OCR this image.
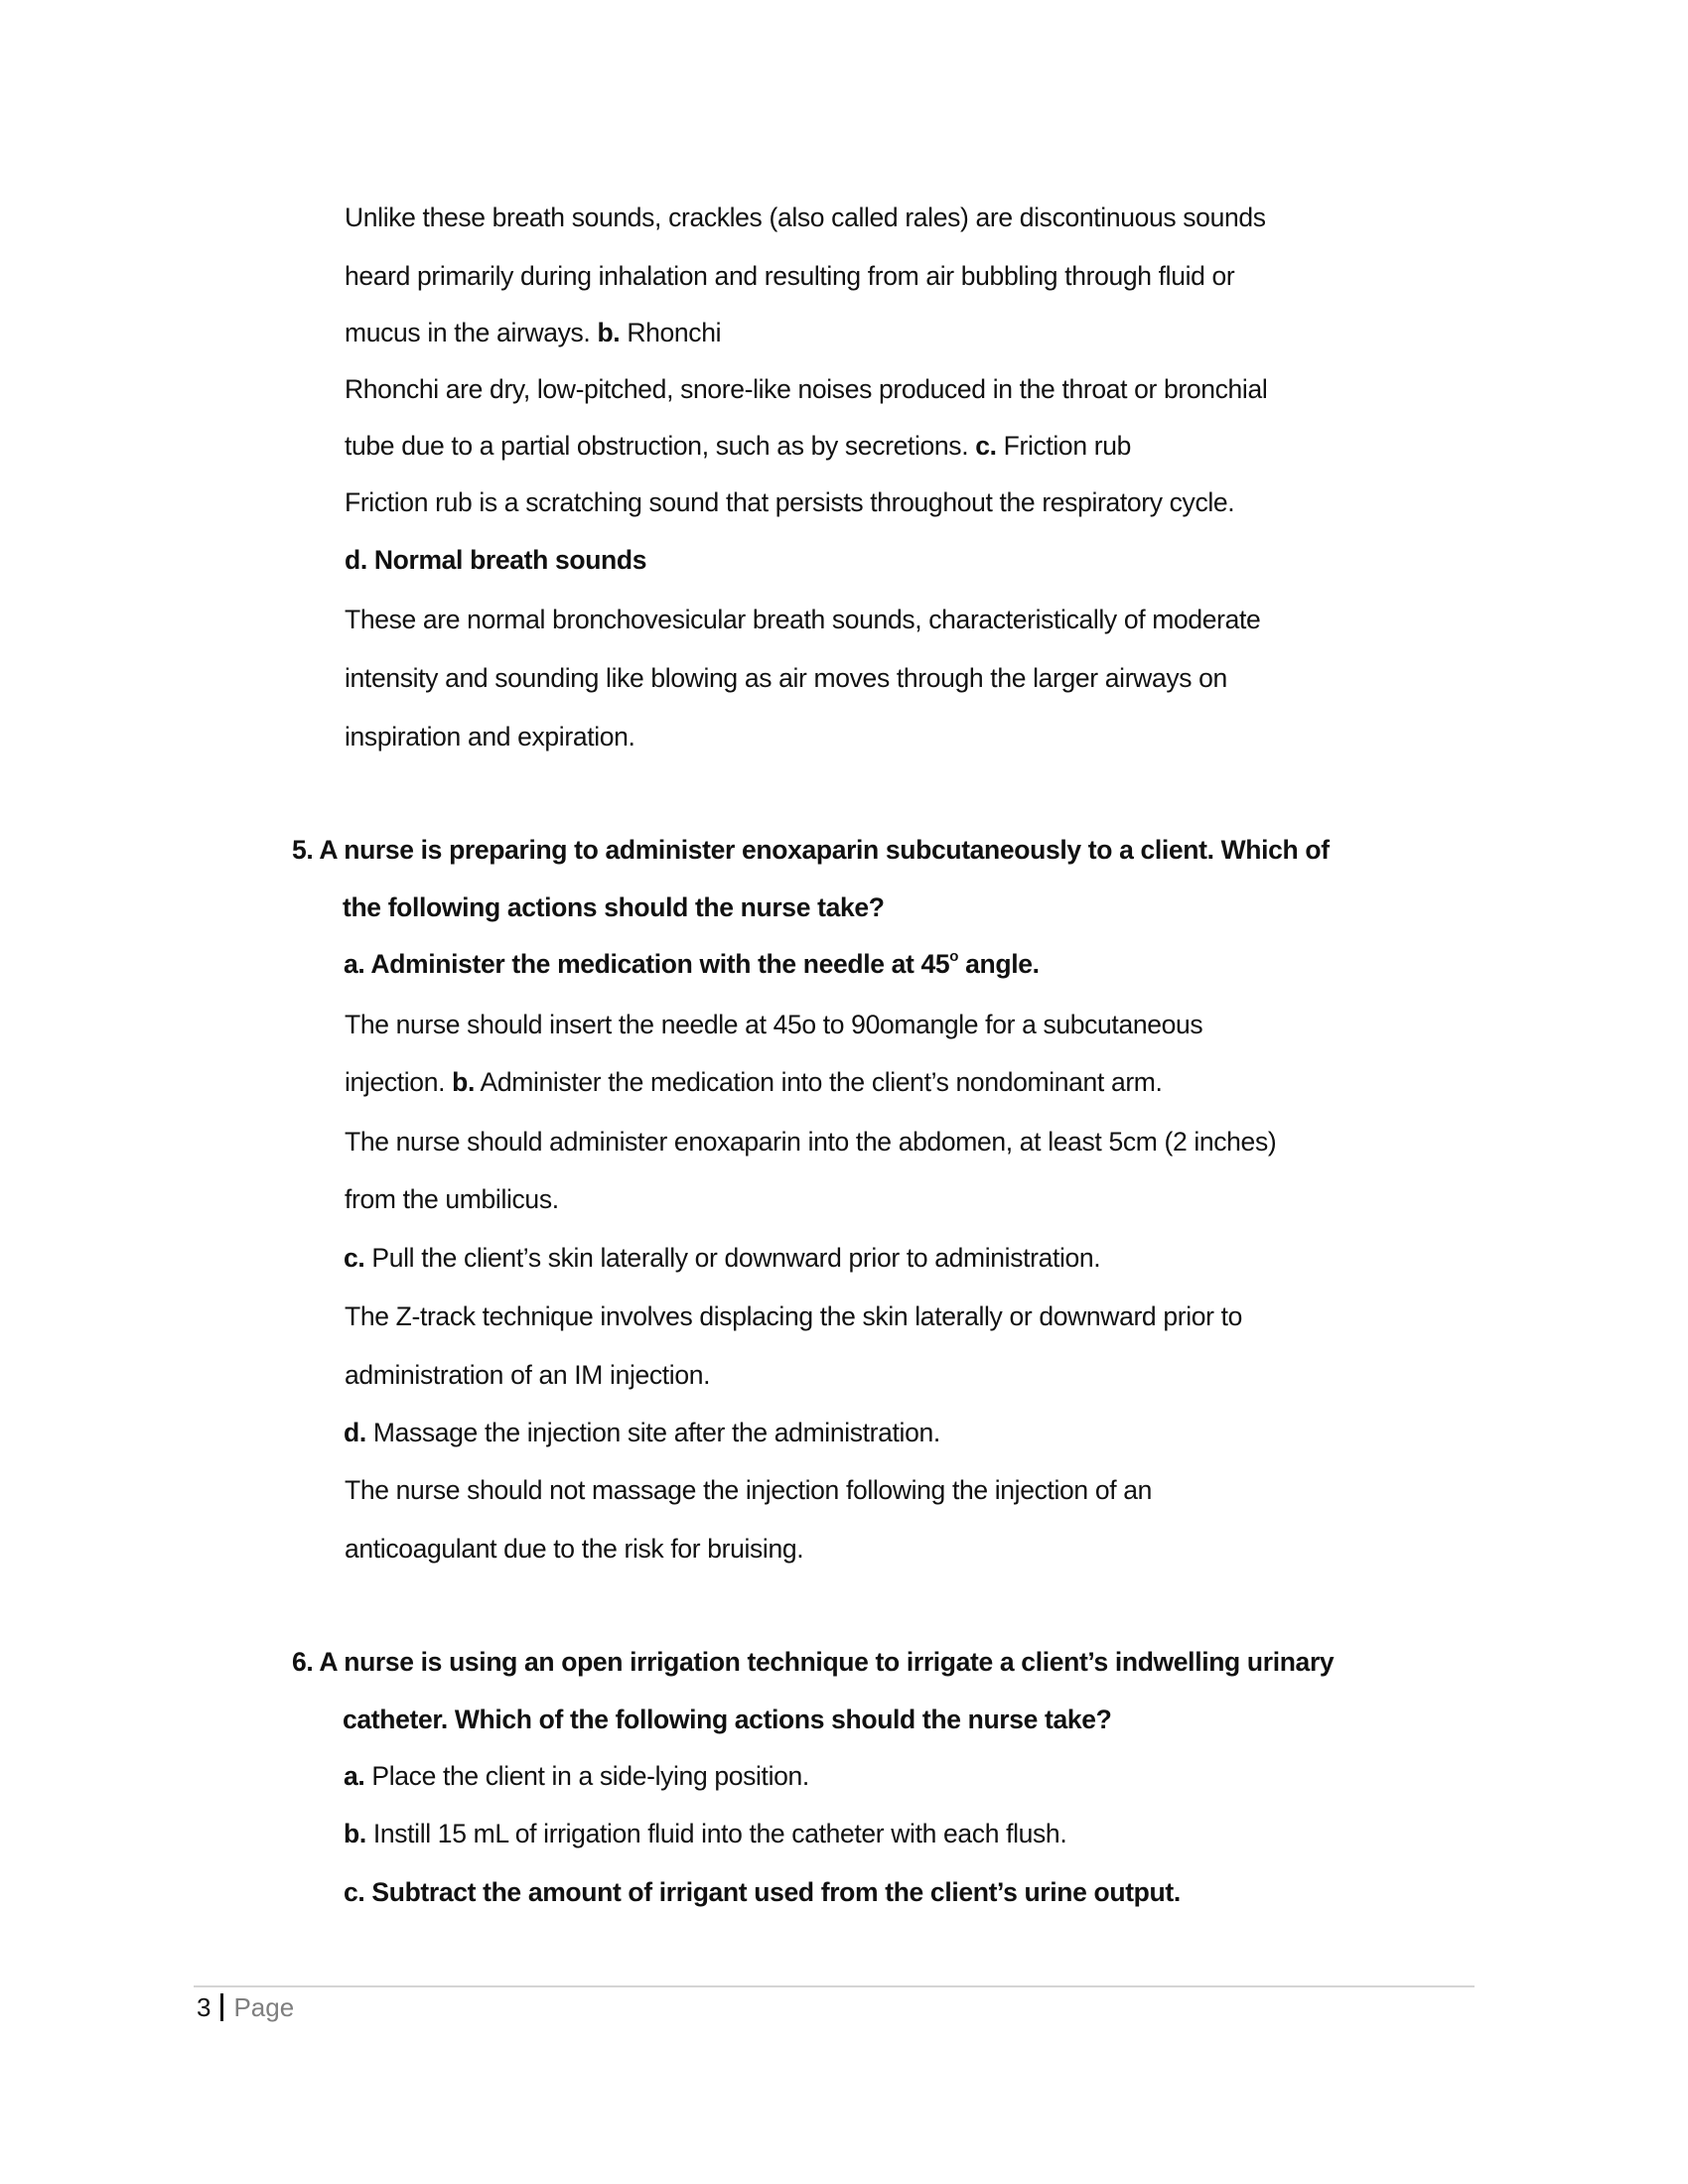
Unlike these breath sounds, crackles (also called rales) are discontinuous sounds
heard primarily during inhalation and resulting from air bubbling through fluid or
mucus in the airways. b. Rhonchi
Rhonchi are dry, low-pitched, snore-like noises produced in the throat or bronchial
tube due to a partial obstruction, such as by secretions. c. Friction rub
Friction rub is a scratching sound that persists throughout the respiratory cycle.
d. Normal breath sounds
These are normal bronchovesicular breath sounds, characteristically of moderate
intensity and sounding like blowing as air moves through the larger airways on
inspiration and expiration.
5. A nurse is preparing to administer enoxaparin subcutaneously to a client. Which of
the following actions should the nurse take?
a. Administer the medication with the needle at 45$^o$ angle.
The nurse should insert the needle at 45o to 90omangle for a subcutaneous
injection. b. Administer the medication into the client’s nondominant arm.
The nurse should administer enoxaparin into the abdomen, at least 5cm (2 inches)
from the umbilicus.
c. Pull the client’s skin laterally or downward prior to administration.
The Z-track technique involves displacing the skin laterally or downward prior to
administration of an IM injection.
d. Massage the injection site after the administration.
The nurse should not massage the injection following the injection of an
anticoagulant due to the risk for bruising.
6. A nurse is using an open irrigation technique to irrigate a client’s indwelling urinary
catheter. Which of the following actions should the nurse take?
a. Place the client in a side-lying position.
b. Instill 15 mL of irrigation fluid into the catheter with each flush.
c. Subtract the amount of irrigant used from the client’s urine output.
3 Page
